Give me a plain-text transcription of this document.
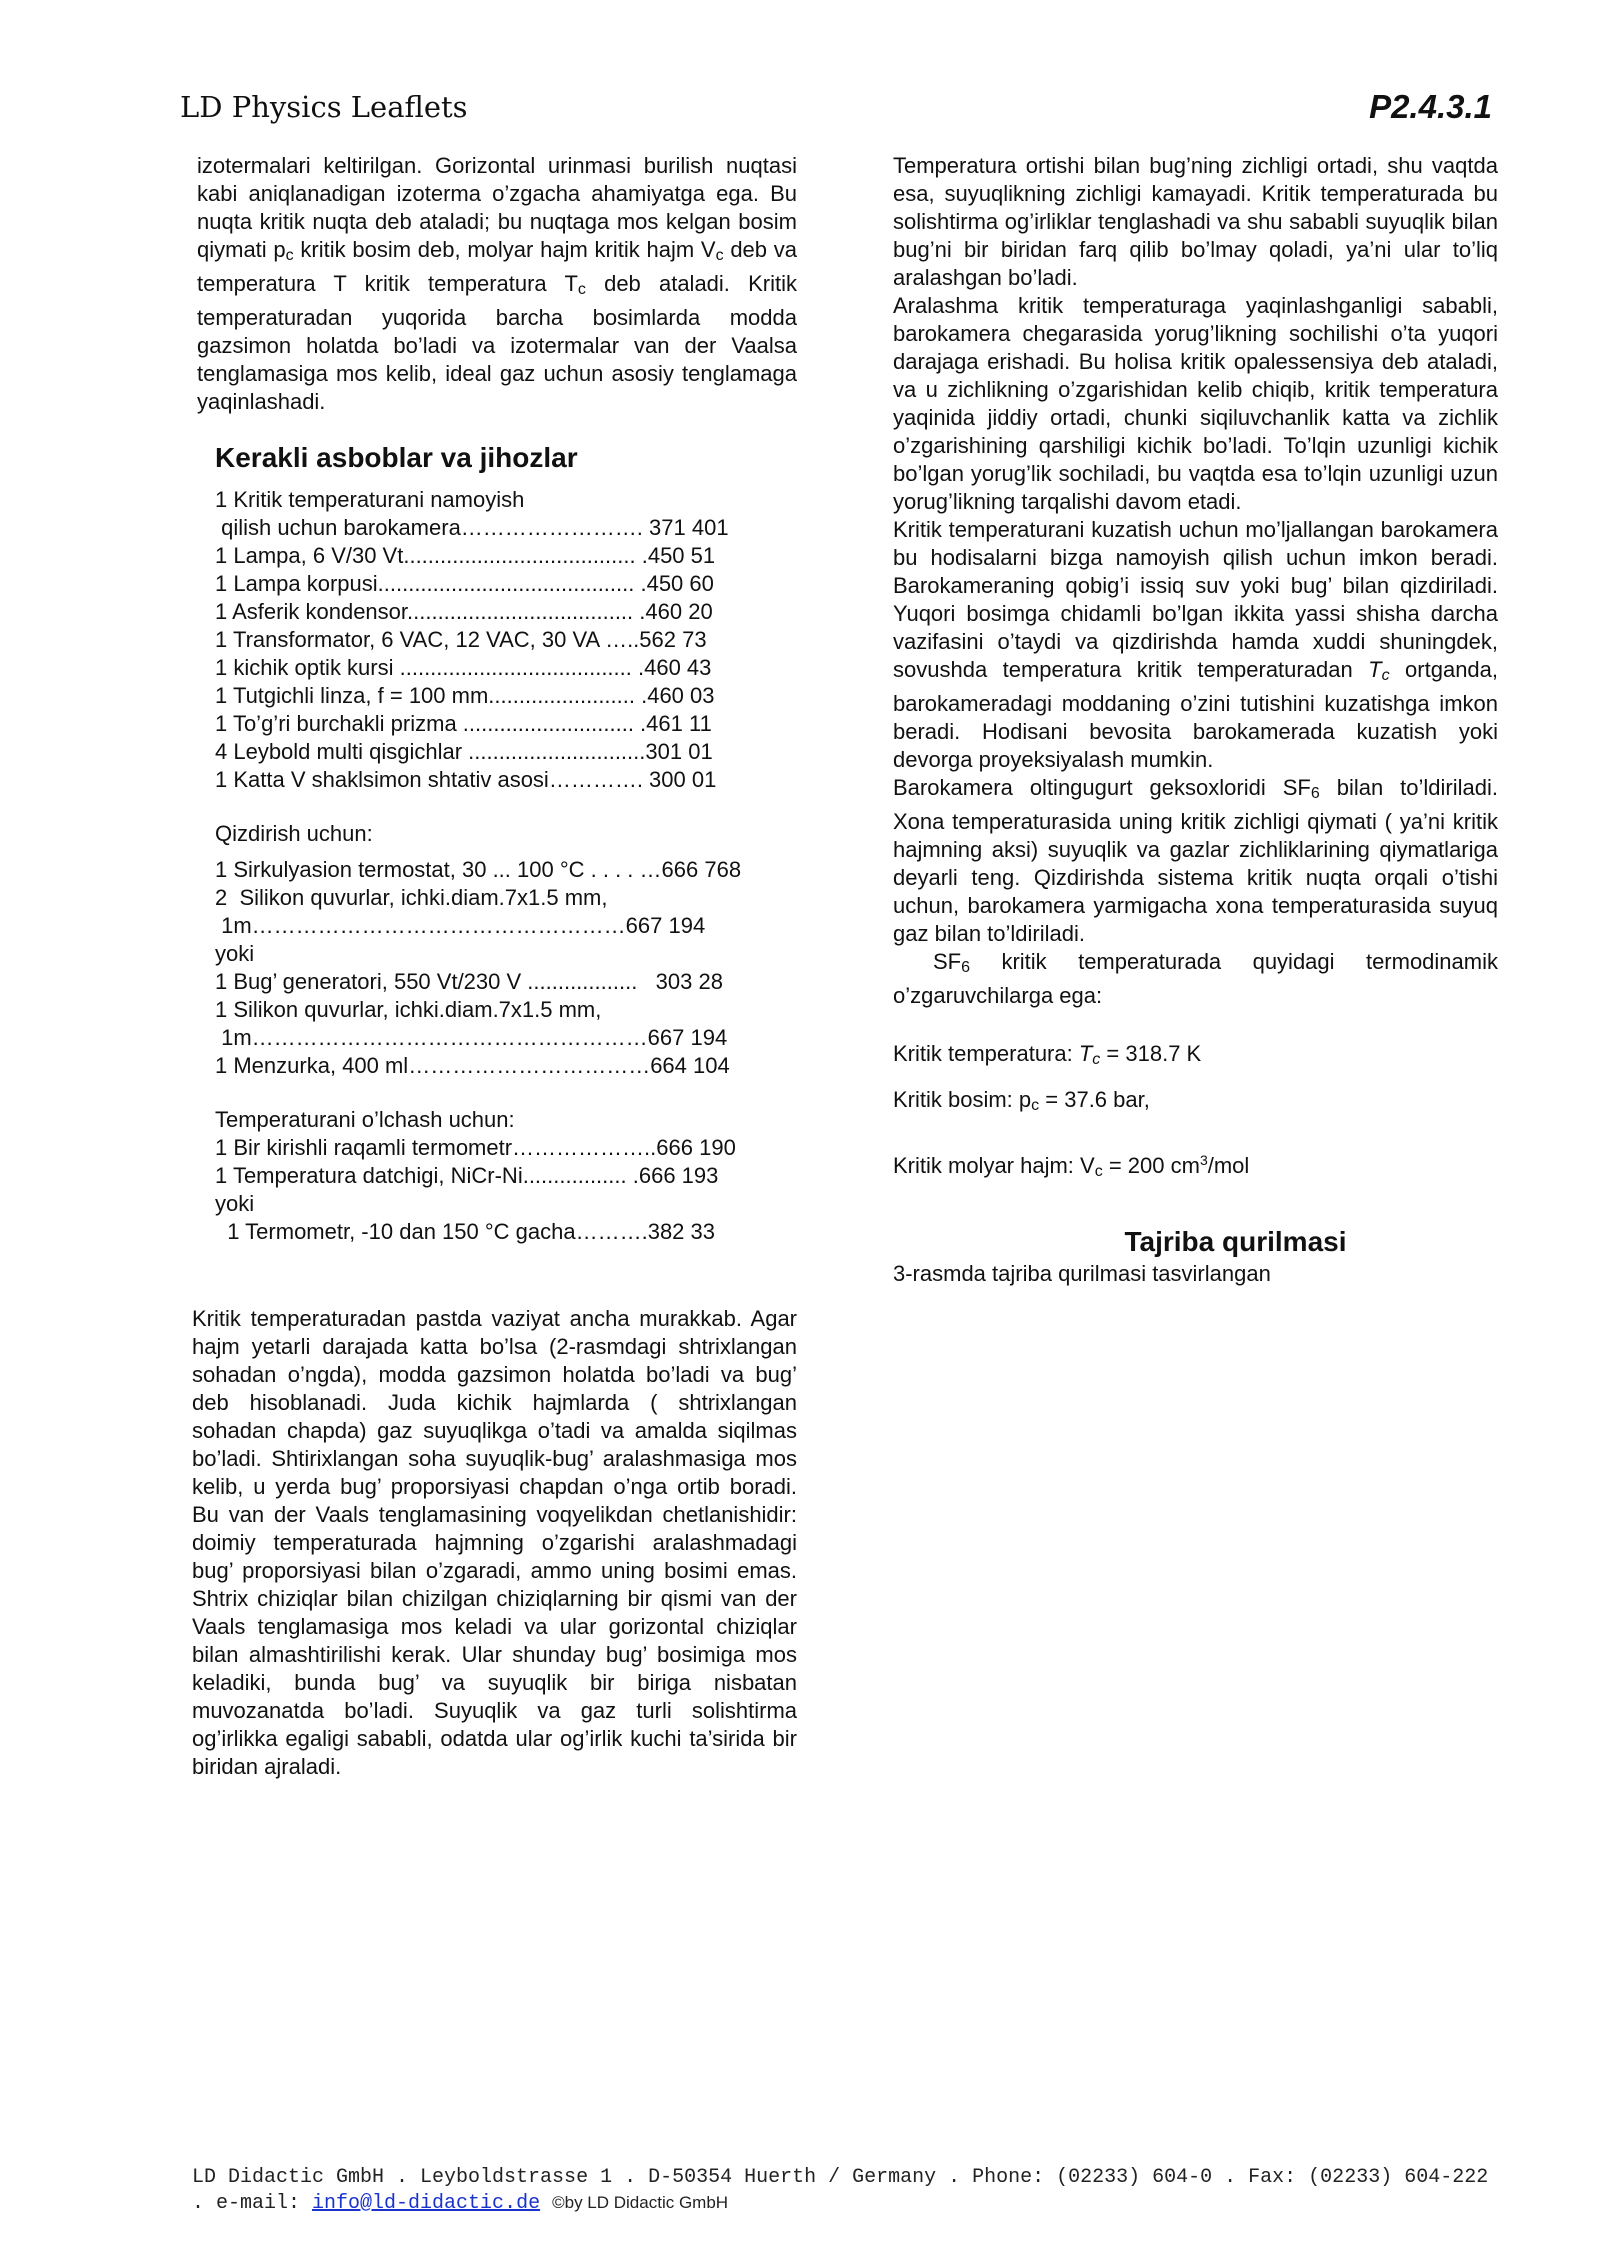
LD Physics Leaflets	P2.4.3.1

izotermalari keltirilgan. Gorizontal urinmasi burilish nuqtasi kabi aniqlanadigan izoterma o’zgacha ahamiyatga ega. Bu nuqta kritik nuqta deb ataladi; bu nuqtaga mos kelgan bosim qiymati pc kritik bosim deb, molyar hajm kritik hajm Vc deb va temperatura T kritik temperatura Tc deb ataladi. Kritik temperaturadan yuqorida barcha bosimlarda modda gazsimon holatda bo’ladi va izotermalar van der Vaalsa tenglamasiga mos kelib, ideal gaz uchun asosiy tenglamaga yaqinlashadi.

Kerakli asboblar va jihozlar
1 Kritik temperaturani namoyish
qilish uchun barokamera……………………. 371 401
1 Lampa, 6 V/30 Vt...................................... .450 51
1 Lampa korpusi.......................................... .450 60
1 Asferik kondensor..................................... .460 20
1 Transformator, 6 VAC, 12 VAC, 30 VA …..562 73
1 kichik optik kursi ...................................... .460 43
1 Tutgichli linza, f = 100 mm........................ .460 03
1 To’g’ri burchakli prizma ............................ .461 11
4 Leybold multi qisgichlar .............................301 01
1 Katta V shaklsimon shtativ asosi…………. 300 01
Qizdirish uchun:
1 Sirkulyasion termostat, 30 ... 100 °C . . . . …666 768
2  Silikon quvurlar, ichki.diam.7x1.5 mm,
1m……………………………………………667 194
yoki
1 Bug’ generatori, 550 Vt/230 V ..................   303 28
1 Silikon quvurlar, ichki.diam.7x1.5 mm,
1m………………………………………………667 194
1 Menzurka, 400 ml……………………………664 104
Temperaturani o’lchash uchun:
1 Bir kirishli raqamli termometr………………..666 190
1 Temperatura datchigi, NiCr-Ni................. .666 193
yoki
1 Termometr, -10 dan 150 °C gacha……….382 33

Kritik temperaturadan pastda vaziyat ancha murakkab. Agar hajm yetarli darajada katta bo’lsa (2-rasmdagi shtrixlangan sohadan o’ngda), modda gazsimon holatda bo’ladi va bug’ deb hisoblanadi. Juda kichik hajmlarda ( shtrixlangan sohadan chapda) gaz suyuqlikga o’tadi va amalda siqilmas bo’ladi. Shtirixlangan soha suyuqlik-bug’ aralashmasiga mos kelib, u yerda bug’ proporsiyasi chapdan o’nga ortib boradi. Bu van der Vaals tenglamasining voqyelikdan chetlanishidir: doimiy temperaturada hajmning o’zgarishi aralashmadagi bug’ proporsiyasi bilan o’zgaradi, ammo uning bosimi emas. Shtrix chiziqlar bilan chizilgan chiziqlarning bir qismi van der Vaals tenglamasiga mos keladi va ular gorizontal chiziqlar bilan almashtirilishi kerak. Ular shunday bug’ bosimiga mos keladiki, bunda bug’ va suyuqlik bir biriga nisbatan muvozanatda bo’ladi. Suyuqlik va gaz turli solishtirma og’irlikka egaligi sababli, odatda ular og’irlik kuchi ta’sirida bir biridan ajraladi.

Temperatura ortishi bilan bug’ning zichligi ortadi, shu vaqtda esa, suyuqlikning zichligi kamayadi. Kritik temperaturada bu solishtirma og’irliklar tenglashadi va shu sababli suyuqlik bilan bug’ni bir biridan farq qilib bo’lmay qoladi, ya’ni ular to’liq aralashgan bo’ladi.

Aralashma kritik temperaturaga yaqinlashganligi sababli, barokamera chegarasida yorug’likning sochilishi o’ta yuqori darajaga erishadi. Bu holisa kritik opalessensiya deb ataladi, va u zichlikning o’zgarishidan kelib chiqib, kritik temperatura yaqinida jiddiy ortadi, chunki siqiluvchanlik katta va zichlik o’zgarishining qarshiligi kichik bo’ladi. To’lqin uzunligi kichik bo’lgan yorug’lik sochiladi, bu vaqtda esa to’lqin uzunligi uzun yorug’likning tarqalishi davom etadi.

Kritik temperaturani kuzatish uchun mo’ljallangan barokamera bu hodisalarni bizga namoyish qilish uchun imkon beradi. Barokameraning qobig’i issiq suv yoki bug’ bilan qizdiriladi. Yuqori bosimga chidamli bo’lgan ikkita yassi shisha darcha vazifasini o’taydi va qizdirishda hamda xuddi shuningdek, sovushda temperatura kritik temperaturadan Tc ortganda, barokameradagi moddaning o’zini tutishini kuzatishga imkon beradi. Hodisani bevosita barokamerada kuzatish yoki devorga proyeksiyalash mumkin.

Barokamera oltingugurt geksoxloridi SF6 bilan to’ldiriladi. Xona temperaturasida uning kritik zichligi qiymati ( ya’ni kritik hajmning aksi) suyuqlik va gazlar zichliklarining qiymatlariga deyarli teng. Qizdirishda sistema kritik nuqta orqali o’tishi uchun, barokamera yarmigacha xona temperaturasida suyuq gaz bilan to’ldiriladi.

SF6 kritik temperaturada quyidagi termodinamik o’zgaruvchilarga ega:

Kritik temperatura: Tc = 318.7 K

Kritik bosim: pc = 37.6 bar,

Kritik molyar hajm: Vc = 200 $cm^3$/mol

Tajriba qurilmasi

3-rasmda tajriba qurilmasi tasvirlangan

LD Didactic GmbH . Leyboldstrasse 1 . D-50354 Huerth / Germany . Phone: (02233) 604-0 . Fax: (02233) 604-222 . e-mail: info@ld-didactic.de ©by LD Didactic GmbH
